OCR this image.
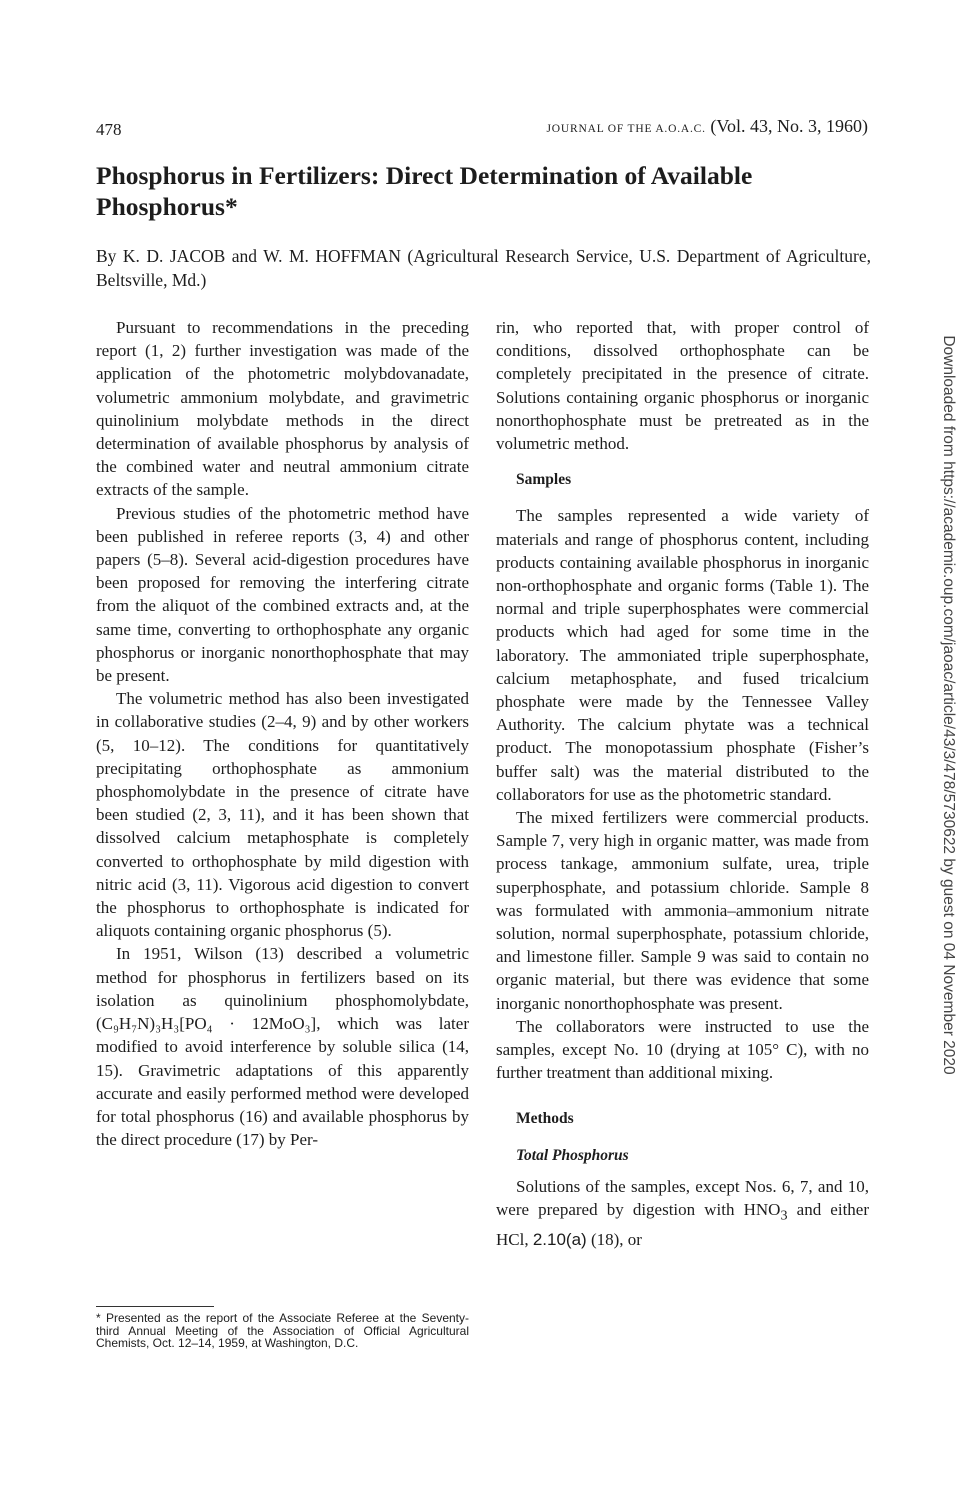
478	JOURNAL OF THE A.O.A.C. (Vol. 43, No. 3, 1960)
Phosphorus in Fertilizers: Direct Determination of Available Phosphorus*

By K. D. JACOB and W. M. HOFFMAN (Agricultural Research Service, U.S. Department of Agriculture, Beltsville, Md.)

Pursuant to recommendations in the preceding report (1, 2) further investigation was made of the application of the photometric molybdovanadate, volumetric ammonium molybdate, and gravimetric quinolinium molybdate methods in the direct determination of available phosphorus by analysis of the combined water and neutral ammonium citrate extracts of the sample.

Previous studies of the photometric method have been published in referee reports (3, 4) and other papers (5–8). Several acid-digestion procedures have been proposed for removing the interfering citrate from the aliquot of the combined extracts and, at the same time, converting to orthophosphate any organic phosphorus or inorganic nonorthophosphate that may be present.

The volumetric method has also been investigated in collaborative studies (2–4, 9) and by other workers (5, 10–12). The conditions for quantitatively precipitating orthophosphate as ammonium phosphomolybdate in the presence of citrate have been studied (2, 3, 11), and it has been shown that dissolved calcium metaphosphate is completely converted to orthophosphate by mild digestion with nitric acid (3, 11). Vigorous acid digestion to convert the phosphorus to orthophosphate is indicated for aliquots containing organic phosphorus (5).

In 1951, Wilson (13) described a volumetric method for phosphorus in fertilizers based on its isolation as quinolinium phosphomolybdate, (C₉H₇N)₃H₃[PO₄ · 12MoO₃], which was later modified to avoid interference by soluble silica (14, 15). Gravimetric adaptations of this apparently accurate and easily performed method were developed for total phosphorus (16) and available phosphorus by the direct procedure (17) by Per-

* Presented as the report of the Associate Referee at the Seventy-third Annual Meeting of the Association of Official Agricultural Chemists, Oct. 12–14, 1959, at Washington, D.C.

rin, who reported that, with proper control of conditions, dissolved orthophosphate can be completely precipitated in the presence of citrate. Solutions containing organic phosphorus or inorganic nonorthophosphate must be pretreated as in the volumetric method.

Samples

The samples represented a wide variety of materials and range of phosphorus content, including products containing available phosphorus in inorganic non-orthophosphate and organic forms (Table 1). The normal and triple superphosphates were commercial products which had aged for some time in the laboratory. The ammoniated triple superphosphate, calcium metaphosphate, and fused tricalcium phosphate were made by the Tennessee Valley Authority. The calcium phytate was a technical product. The monopotassium phosphate (Fisher’s buffer salt) was the material distributed to the collaborators for use as the photometric standard.

The mixed fertilizers were commercial products. Sample 7, very high in organic matter, was made from process tankage, ammonium sulfate, urea, triple superphosphate, and potassium chloride. Sample 8 was formulated with ammonia–ammonium nitrate solution, normal superphosphate, potassium chloride, and limestone filler. Sample 9 was said to contain no organic material, but there was evidence that some inorganic nonorthophosphate was present.

The collaborators were instructed to use the samples, except No. 10 (drying at 105° C), with no further treatment than additional mixing.

Methods

Total Phosphorus

Solutions of the samples, except Nos. 6, 7, and 10, were prepared by digestion with $HNO_3$ and either HCl, 2.10(a) (18), or

Downloaded from https://academic.oup.com/jaoac/article/43/3/478/5730622 by guest on 04 November 2020
